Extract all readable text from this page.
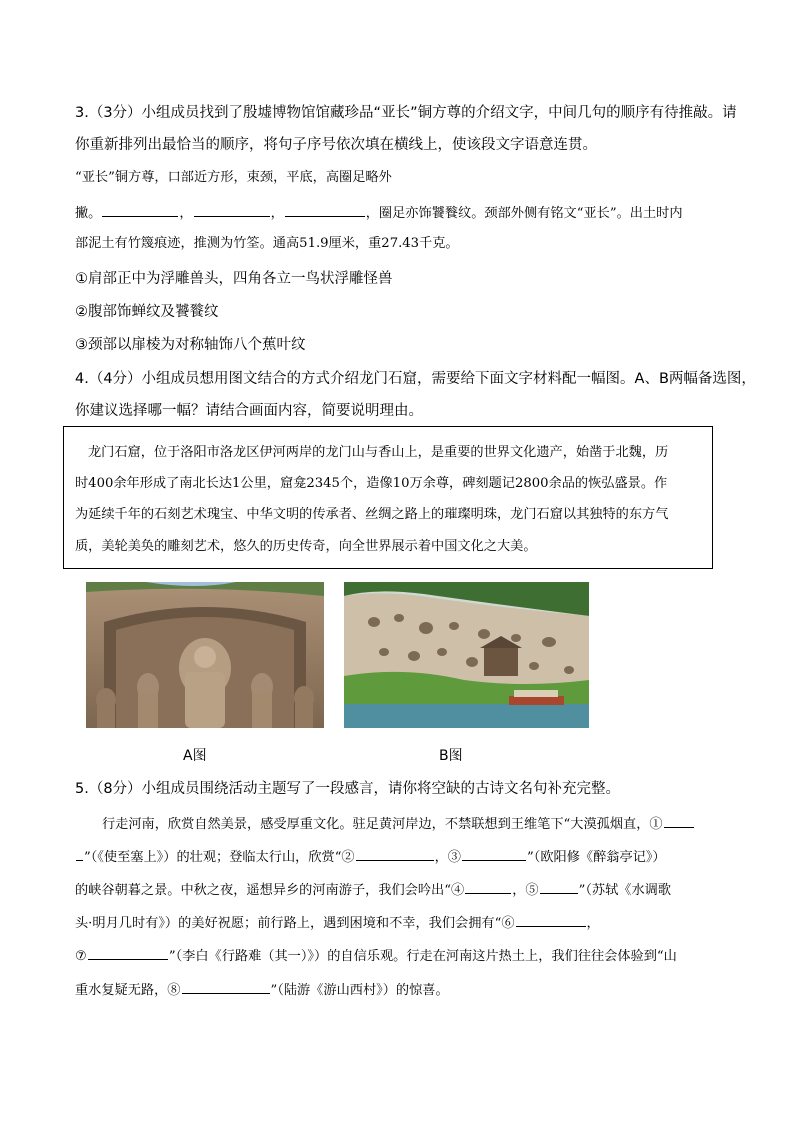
3.（3分）小组成员找到了殷墟博物馆馆藏珍品“亚长”铜方尊的介绍文字，中间几句的顺序有待推敲。请
你重新排列出最恰当的顺序，将句子序号依次填在横线上，使该段文字语意连贯。
“亚长”铜方尊，口部近方形，束颈，平底，高圈足略外
撇。	，	，	，圈足亦饰饕餮纹。颈部外侧有铭文“亚长”。出土时内
部泥土有竹篾痕迹，推测为竹筌。通高51.9厘米，重27.43千克。
①肩部正中为浮雕兽头，四角各立一鸟状浮雕怪兽
②腹部饰蝉纹及饕餮纹
③颈部以扉棱为对称轴饰八个蕉叶纹
4.（4分）小组成员想用图文结合的方式介绍龙门石窟，需要给下面文字材料配一幅图。A、B两幅备选图，
你建议选择哪一幅？请结合画面内容，简要说明理由。
龙门石窟，位于洛阳市洛龙区伊河两岸的龙门山与香山上，是重要的世界文化遗产，始凿于北魏，历
时400余年形成了南北长达1公里，窟龛2345个，造像10万余尊，碑刻题记2800余品的恢弘盛景。作
为延续千年的石刻艺术瑰宝、中华文明的传承者、丝绸之路上的璀璨明珠，龙门石窟以其独特的东方气
质，美轮美奂的雕刻艺术，悠久的历史传奇，向全世界展示着中国文化之大美。
A图	B图
5.（8分）小组成员围绕活动主题写了一段感言，请你将空缺的古诗文名句补充完整。
行走河南，欣赏自然美景，感受厚重文化。驻足黄河岸边，不禁联想到王维笔下“大漠孤烟直，①
”（《使至塞上》）的壮观；登临太行山，欣赏“②	，③	”（欧阳修《醉翁亭记》）
的峡谷朝暮之景。中秋之夜，遥想异乡的河南游子，我们会吟出“④	，⑤	”（苏轼《水调歌
头·明月几时有》）的美好祝愿；前行路上，遇到困境和不幸，我们会拥有“⑥	，
⑦	”（李白《行路难（其一）》）的自信乐观。行走在河南这片热土上，我们往往会体验到“山
重水复疑无路，⑧	”（陆游《游山西村》）的惊喜。
